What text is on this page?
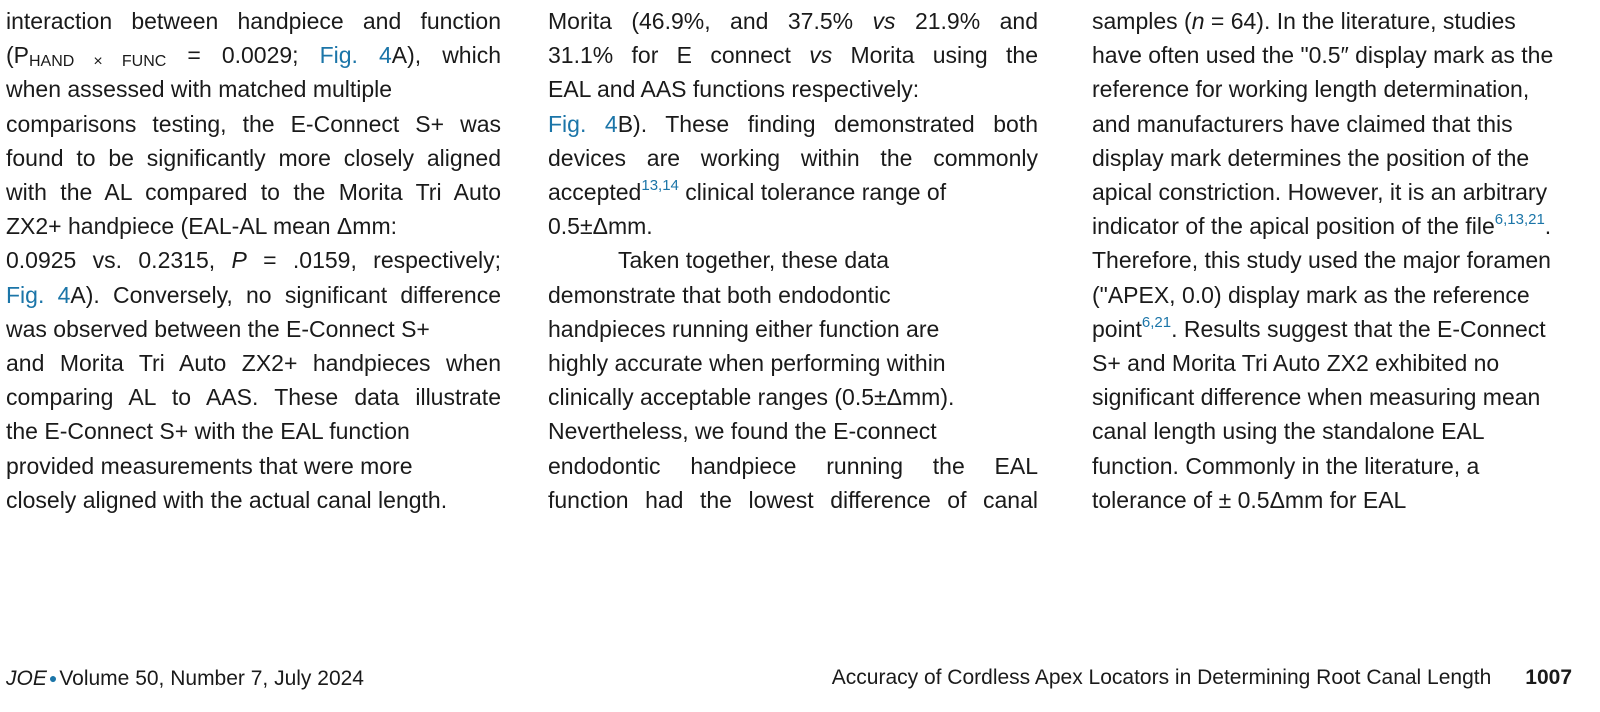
interaction between handpiece and function
($P_{HAND \times FUNC} = 0.0029$; Fig. 4A), which
when assessed with matched multiple
comparisons testing, the E-Connect S+ was
found to be significantly more closely aligned
with the AL compared to the Morita Tri Auto
ZX2+ handpiece (EAL-AL mean Δmm:
0.0925 vs. 0.2315, P = .0159, respectively;
Fig. 4A). Conversely, no significant difference
was observed between the E-Connect S+
and Morita Tri Auto ZX2+ handpieces when
comparing AL to AAS. These data illustrate
the E-Connect S+ with the EAL function
provided measurements that were more
closely aligned with the actual canal length.
Morita (46.9%, and 37.5% vs 21.9% and
31.1% for E connect vs Morita using the
EAL and AAS functions respectively:
Fig. 4B). These finding demonstrated both
devices are working within the commonly
accepted$^{13,14}$ clinical tolerance range of
0.5±Δmm.
Taken together, these data
demonstrate that both endodontic
handpieces running either function are
highly accurate when performing within
clinically acceptable ranges (0.5±Δmm).
Nevertheless, we found the E-connect
endodontic handpiece running the EAL
function had the lowest difference of canal
samples (n = 64). In the literature, studies
have often used the "0.5″ display mark as the
reference for working length determination,
and manufacturers have claimed that this
display mark determines the position of the
apical constriction. However, it is an arbitrary
indicator of the apical position of the file$^{6,13,21}$.
Therefore, this study used the major foramen
("APEX, 0.0) display mark as the reference
point$^{6,21}$. Results suggest that the E-Connect
S+ and Morita Tri Auto ZX2 exhibited no
significant difference when measuring mean
canal length using the standalone EAL
function. Commonly in the literature, a
tolerance of ± 0.5Δmm for EAL
JOE ●Volume 50, Number 7, July 2024	Accuracy of Cordless Apex Locators in Determining Root Canal Length 1007
